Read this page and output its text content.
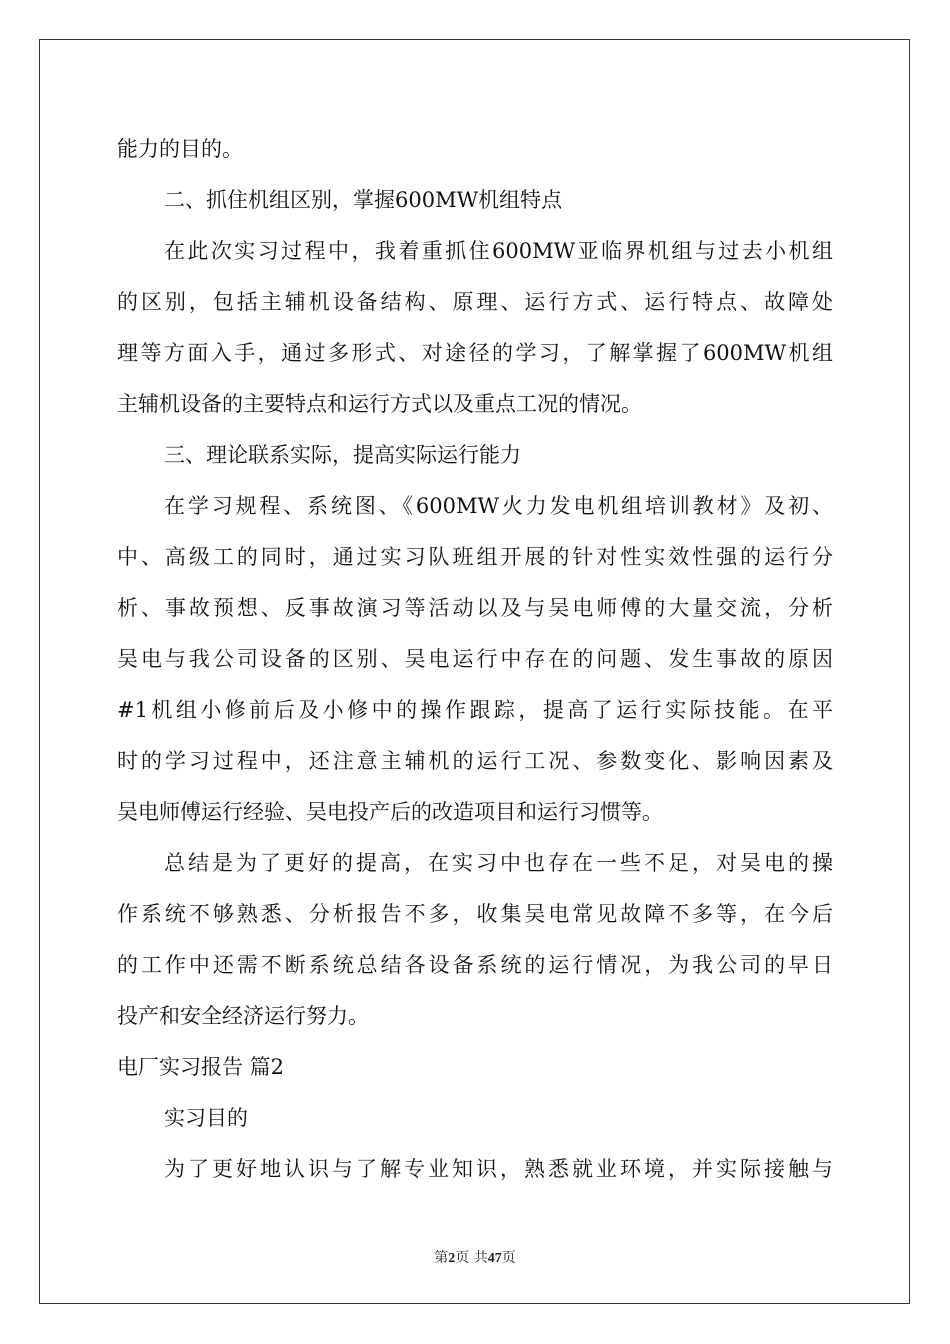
能力的目的。
二、抓住机组区别，掌握600MW机组特点
在此次实习过程中，我着重抓住600MW亚临界机组与过去小机组
的区别，包括主辅机设备结构、原理、运行方式、运行特点、故障处
理等方面入手，通过多形式、对途径的学习，了解掌握了600MW机组
主辅机设备的主要特点和运行方式以及重点工况的情况。
三、理论联系实际，提高实际运行能力
在学习规程、系统图、《600MW火力发电机组培训教材》及初、
中、高级工的同时，通过实习队班组开展的针对性实效性强的运行分
析、事故预想、反事故演习等活动以及与吴电师傅的大量交流，分析
吴电与我公司设备的区别、吴电运行中存在的问题、发生事故的原因
#1机组小修前后及小修中的操作跟踪，提高了运行实际技能。在平
时的学习过程中，还注意主辅机的运行工况、参数变化、影响因素及
吴电师傅运行经验、吴电投产后的改造项目和运行习惯等。
总结是为了更好的提高，在实习中也存在一些不足，对吴电的操
作系统不够熟悉、分析报告不多，收集吴电常见故障不多等，在今后
的工作中还需不断系统总结各设备系统的运行情况，为我公司的早日
投产和安全经济运行努力。
电厂实习报告 篇2
实习目的
为了更好地认识与了解专业知识，熟悉就业环境，并实际接触与
第2页 共47页
